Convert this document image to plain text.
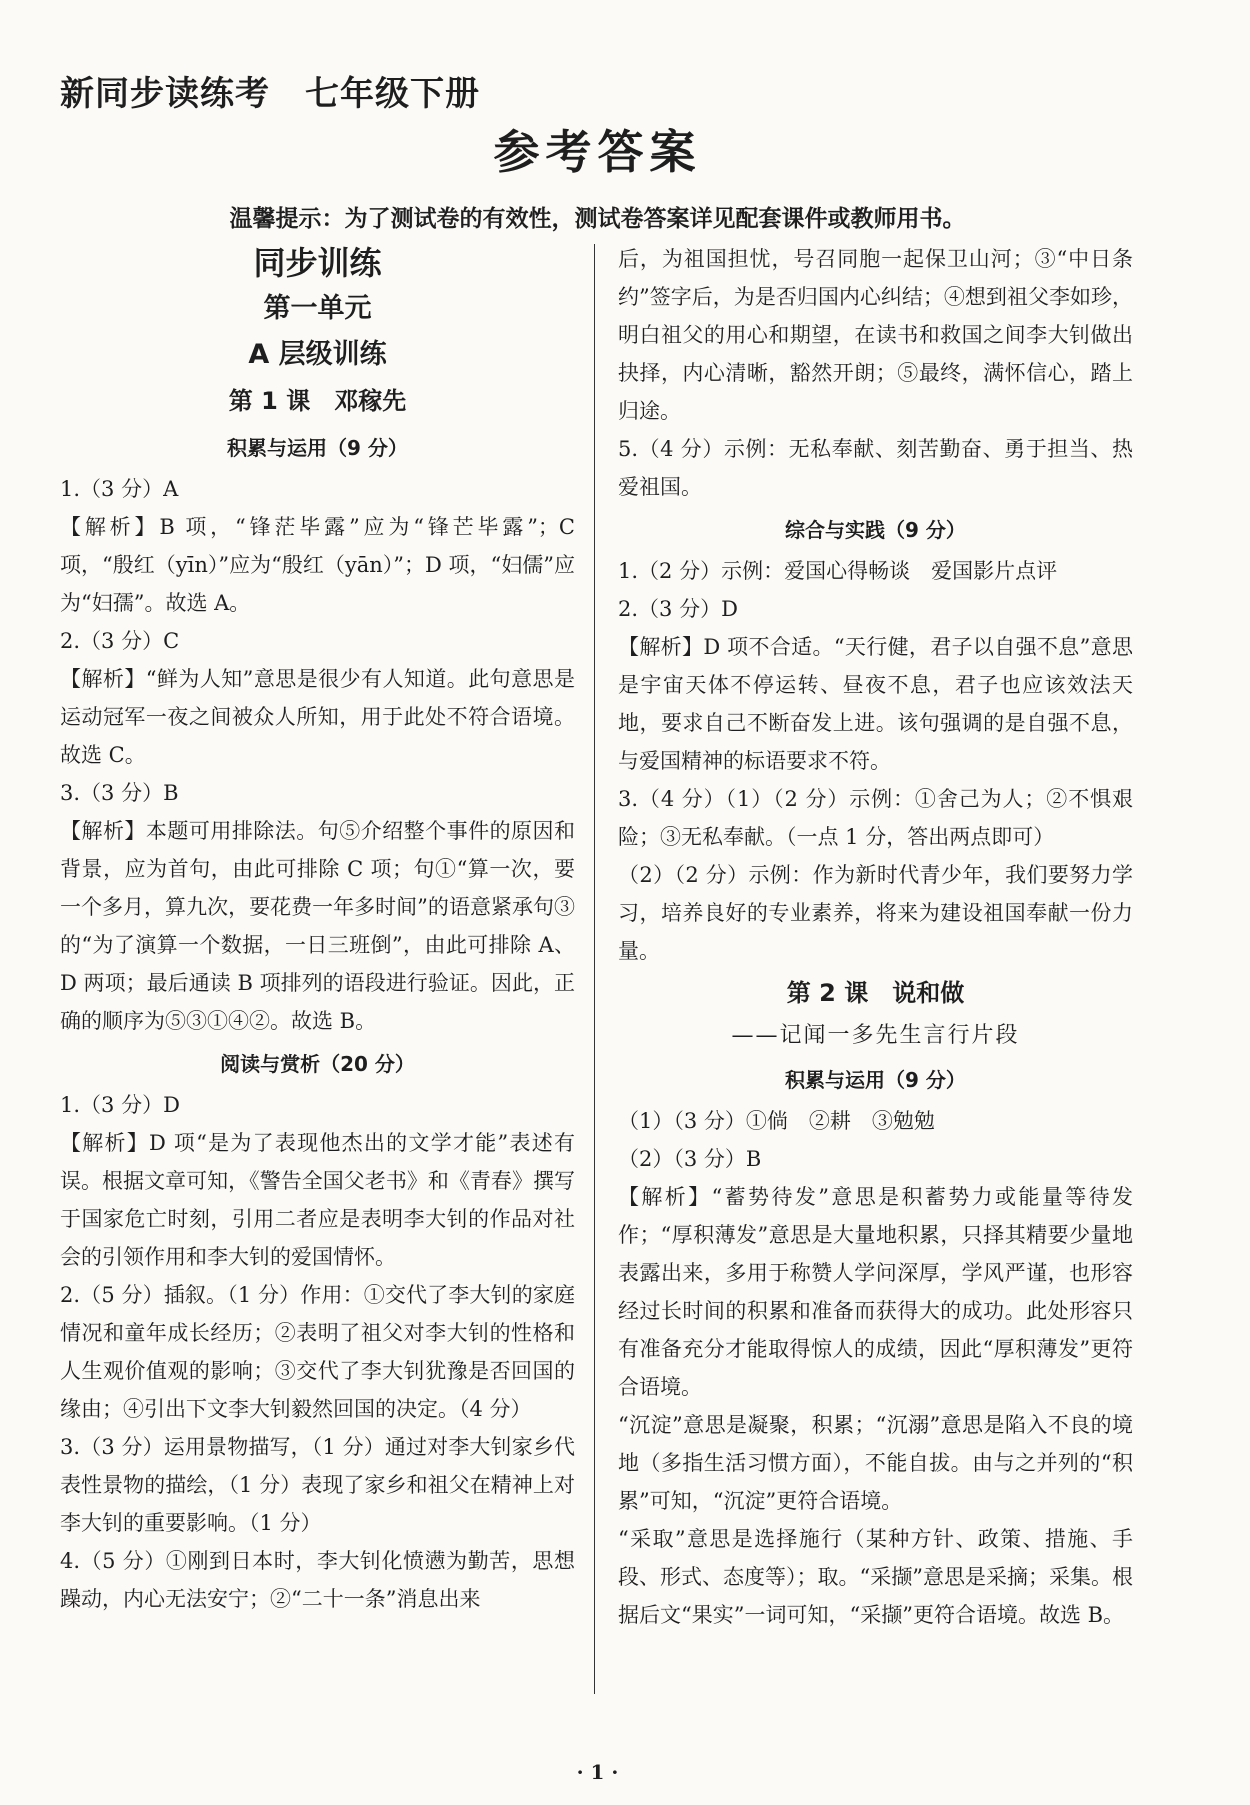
新同步读练考　七年级下册
参考答案
温馨提示：为了测试卷的有效性，测试卷答案详见配套课件或教师用书。

同步训练

第一单元

A 层级训练

第 1 课　邓稼先

积累与运用（9 分）

1.（3 分）A

【解析】B 项，“锋茫毕露”应为“锋芒毕露”；C 项，“殷红（yīn）”应为“殷红（yān）”；D 项，“妇儒”应为“妇孺”。故选 A。

2.（3 分）C

【解析】“鲜为人知”意思是很少有人知道。此句意思是运动冠军一夜之间被众人所知，用于此处不符合语境。故选 C。

3.（3 分）B

【解析】本题可用排除法。句⑤介绍整个事件的原因和背景，应为首句，由此可排除 C 项；句①“算一次，要一个多月，算九次，要花费一年多时间”的语意紧承句③的“为了演算一个数据，一日三班倒”，由此可排除 A、D 两项；最后通读 B 项排列的语段进行验证。因此，正确的顺序为⑤③①④②。故选 B。

阅读与赏析（20 分）

1.（3 分）D

【解析】D 项“是为了表现他杰出的文学才能”表述有误。根据文章可知，《警告全国父老书》和《青春》撰写于国家危亡时刻，引用二者应是表明李大钊的作品对社会的引领作用和李大钊的爱国情怀。

2.（5 分）插叙。（1 分）作用：①交代了李大钊的家庭情况和童年成长经历；②表明了祖父对李大钊的性格和人生观价值观的影响；③交代了李大钊犹豫是否回国的缘由；④引出下文李大钊毅然回国的决定。（4 分）

3.（3 分）运用景物描写，（1 分）通过对李大钊家乡代表性景物的描绘，（1 分）表现了家乡和祖父在精神上对李大钊的重要影响。（1 分）

4.（5 分）①刚到日本时，李大钊化愤懑为勤苦，思想躁动，内心无法安宁；②“二十一条”消息出来

后，为祖国担忧，号召同胞一起保卫山河；③“中日条约”签字后，为是否归国内心纠结；④想到祖父李如珍，明白祖父的用心和期望，在读书和救国之间李大钊做出抉择，内心清晰，豁然开朗；⑤最终，满怀信心，踏上归途。

5.（4 分）示例：无私奉献、刻苦勤奋、勇于担当、热爱祖国。

综合与实践（9 分）

1.（2 分）示例：爱国心得畅谈　爱国影片点评

2.（3 分）D

【解析】D 项不合适。“天行健，君子以自强不息”意思是宇宙天体不停运转、昼夜不息，君子也应该效法天地，要求自己不断奋发上进。该句强调的是自强不息，与爱国精神的标语要求不符。

3.（4 分）（1）（2 分）示例：①舍己为人；②不惧艰险；③无私奉献。（一点 1 分，答出两点即可）

（2）（2 分）示例：作为新时代青少年，我们要努力学习，培养良好的专业素养，将来为建设祖国奉献一份力量。

第 2 课　说和做

——记闻一多先生言行片段

积累与运用（9 分）

（1）（3 分）①倘　②耕　③勉勉

（2）（3 分）B

【解析】“蓄势待发”意思是积蓄势力或能量等待发作；“厚积薄发”意思是大量地积累，只择其精要少量地表露出来，多用于称赞人学问深厚，学风严谨，也形容经过长时间的积累和准备而获得大的成功。此处形容只有准备充分才能取得惊人的成绩，因此“厚积薄发”更符合语境。

“沉淀”意思是凝聚，积累；“沉溺”意思是陷入不良的境地（多指生活习惯方面），不能自拔。由与之并列的“积累”可知，“沉淀”更符合语境。

“采取”意思是选择施行（某种方针、政策、措施、手段、形式、态度等）；取。“采撷”意思是采摘；采集。根据后文“果实”一词可知，“采撷”更符合语境。故选 B。

· 1 ·
